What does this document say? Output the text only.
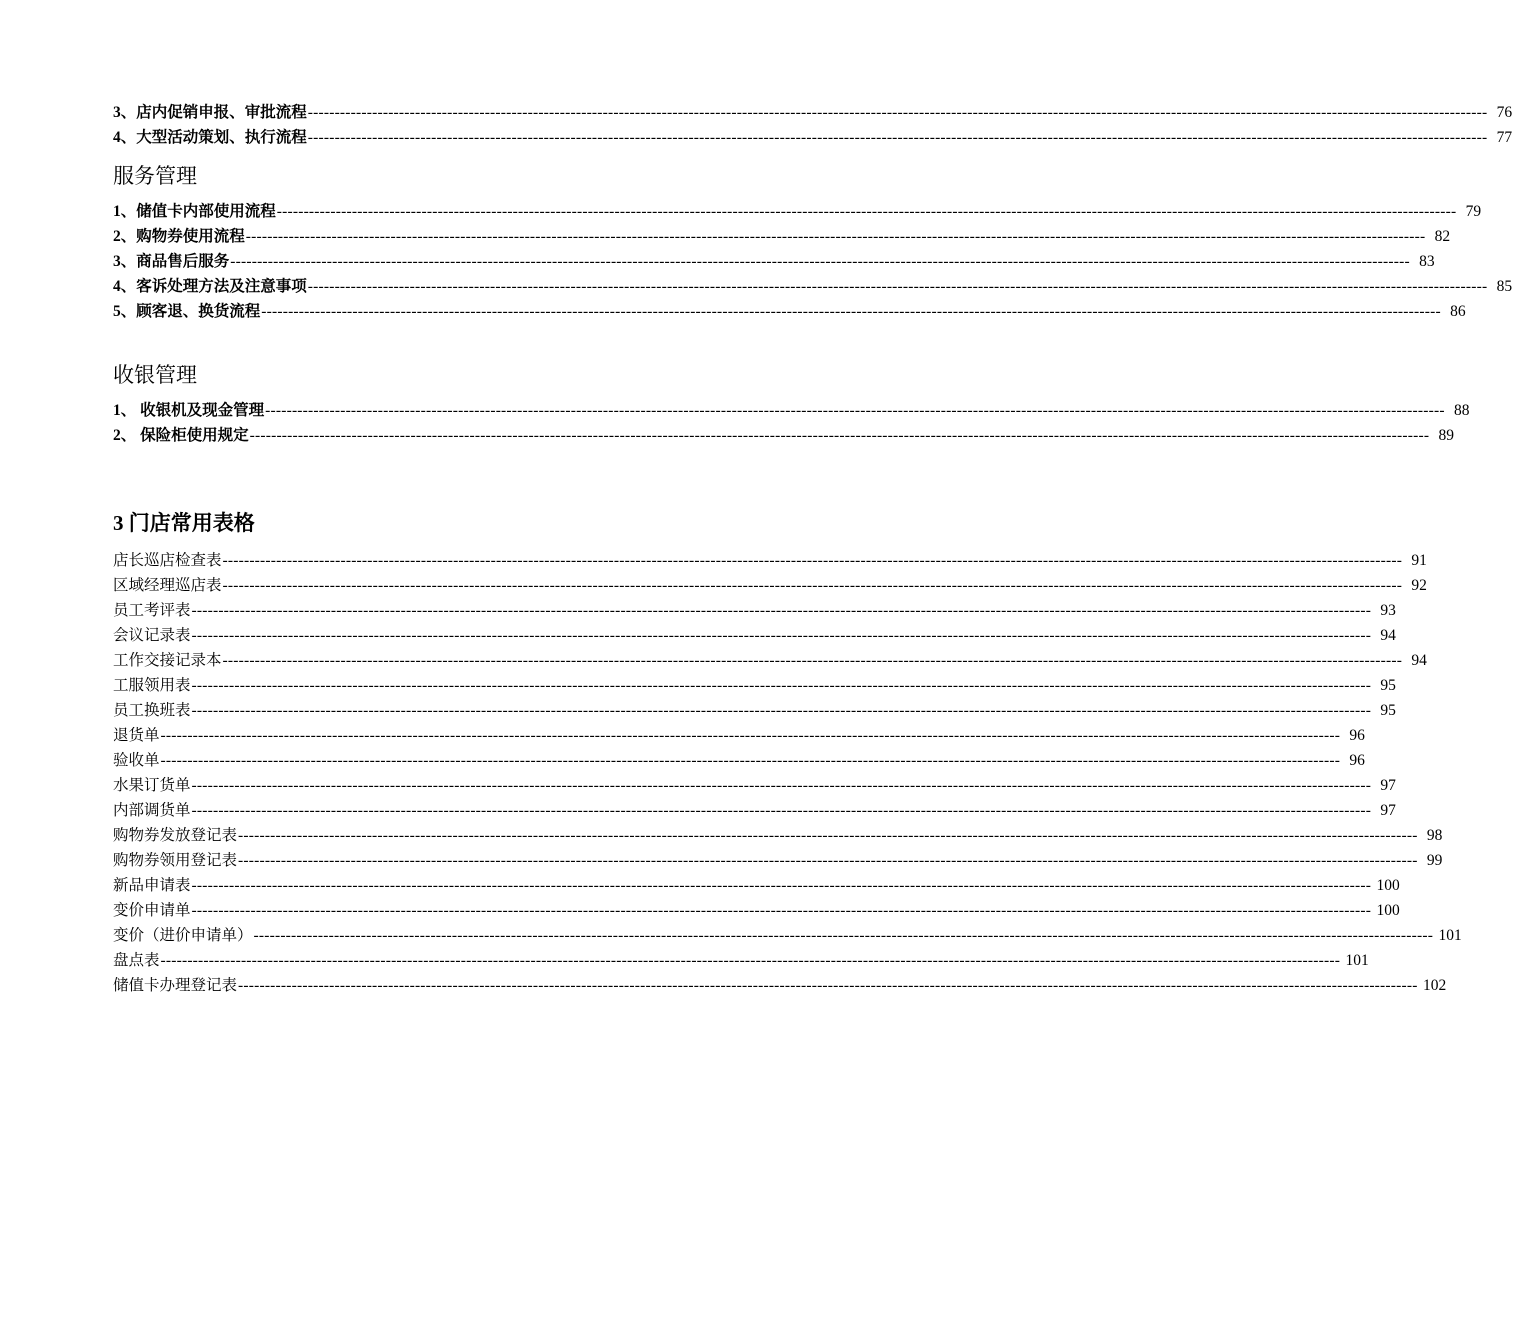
3、店内促销申报、审批流程 ---------------------------------------------------------------------------------------------------------------------------------------------------------------------------------------------------------------------------- 76
4、大型活动策划、执行流程 ---------------------------------------------------------------------------------------------------------------------------------------------------------------------------------------------------------------------------- 77
服务管理
1、储值卡内部使用流程 ---------------------------------------------------------------------------------------------------------------------------------------------------------------------------------------------------------------------------- 79
2、购物券使用流程 ---------------------------------------------------------------------------------------------------------------------------------------------------------------------------------------------------------------------------- 82
3、商品售后服务 ---------------------------------------------------------------------------------------------------------------------------------------------------------------------------------------------------------------------------- 83
4、客诉处理方法及注意事项 ---------------------------------------------------------------------------------------------------------------------------------------------------------------------------------------------------------------------------- 85
5、顾客退、换货流程 ---------------------------------------------------------------------------------------------------------------------------------------------------------------------------------------------------------------------------- 86
收银管理
1、 收银机及现金管理 ---------------------------------------------------------------------------------------------------------------------------------------------------------------------------------------------------------------------------- 88
2、 保险柜使用规定 ---------------------------------------------------------------------------------------------------------------------------------------------------------------------------------------------------------------------------- 89
3 门店常用表格
店长巡店检查表 ---------------------------------------------------------------------------------------------------------------------------------------------------------------------------------------------------------------------------- 91
区域经理巡店表 ---------------------------------------------------------------------------------------------------------------------------------------------------------------------------------------------------------------------------- 92
员工考评表 ---------------------------------------------------------------------------------------------------------------------------------------------------------------------------------------------------------------------------- 93
会议记录表 ---------------------------------------------------------------------------------------------------------------------------------------------------------------------------------------------------------------------------- 94
工作交接记录本 ---------------------------------------------------------------------------------------------------------------------------------------------------------------------------------------------------------------------------- 94
工服领用表 ---------------------------------------------------------------------------------------------------------------------------------------------------------------------------------------------------------------------------- 95
员工换班表 ---------------------------------------------------------------------------------------------------------------------------------------------------------------------------------------------------------------------------- 95
退货单 ---------------------------------------------------------------------------------------------------------------------------------------------------------------------------------------------------------------------------- 96
验收单 ---------------------------------------------------------------------------------------------------------------------------------------------------------------------------------------------------------------------------- 96
水果订货单 ---------------------------------------------------------------------------------------------------------------------------------------------------------------------------------------------------------------------------- 97
内部调货单 ---------------------------------------------------------------------------------------------------------------------------------------------------------------------------------------------------------------------------- 97
购物券发放登记表 ---------------------------------------------------------------------------------------------------------------------------------------------------------------------------------------------------------------------------- 98
购物券领用登记表 ---------------------------------------------------------------------------------------------------------------------------------------------------------------------------------------------------------------------------- 99
新品申请表 ---------------------------------------------------------------------------------------------------------------------------------------------------------------------------------------------------------------------------- 100
变价申请单 ---------------------------------------------------------------------------------------------------------------------------------------------------------------------------------------------------------------------------- 100
变价（进价申请单） ---------------------------------------------------------------------------------------------------------------------------------------------------------------------------------------------------------------------------- 101
盘点表 ---------------------------------------------------------------------------------------------------------------------------------------------------------------------------------------------------------------------------- 101
储值卡办理登记表 ---------------------------------------------------------------------------------------------------------------------------------------------------------------------------------------------------------------------------- 102
